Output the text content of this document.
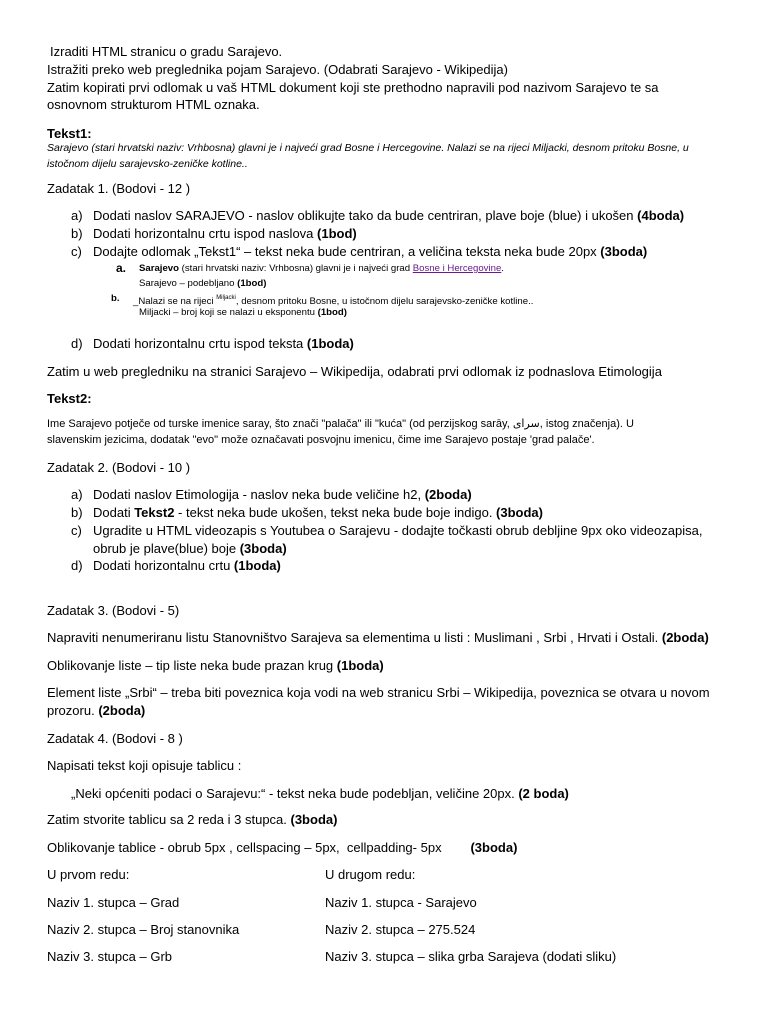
Izraditi HTML stranicu o gradu Sarajevo.

Istražiti preko web preglednika pojam Sarajevo. (Odabrati Sarajevo - Wikipedija)

Zatim kopirati prvi odlomak u vaš HTML dokument koji ste prethodno napravili pod nazivom Sarajevo te sa osnovnom strukturom HTML oznaka.

Tekst1:

Sarajevo (stari hrvatski naziv: Vrhbosna) glavni je i najveći grad Bosne i Hercegovine. Nalazi se na rijeci Miljacki, desnom pritoku Bosne, u istočnom dijelu sarajevsko-zeničke kotline..

Zadatak 1. (Bodovi - 12 )

a) Dodati naslov SARAJEVO - naslov oblikujte tako da bude centriran, plave boje (blue) i ukošen (4boda)
b) Dodati horizontalnu crtu ispod naslova (1bod)
c) Dodajte odlomak „Tekst1“ – tekst neka bude centriran, a veličina teksta neka bude 20px (3boda)
a. Sarajevo (stari hrvatski naziv: Vrhbosna) glavni je i najveći grad Bosne i Hercegovine.
Sarajevo – podebljano (1bod)
b. _Nalazi se na rijeci $^{Miljacki}$, desnom pritoku Bosne, u istočnom dijelu sarajevsko-zeničke kotline..
Miljacki – broj koji se nalazi u eksponentu (1bod)
d) Dodati horizontalnu crtu ispod teksta (1boda)

Zatim u web pregledniku na stranici Sarajevo – Wikipedija, odabrati prvi odlomak iz podnaslova Etimologija

Tekst2:

Ime Sarajevo potječe od turske imenice saray, što znači "palača" ili "kuća" (od perzijskog sarāy, سرای, istog značenja). U

slavenskim jezicima, dodatak "evo" može označavati posvojnu imenicu, čime ime Sarajevo postaje 'grad palače'.

Zadatak 2. (Bodovi - 10 )

a) Dodati naslov Etimologija - naslov neka bude veličine h2, (2boda)
b) Dodati Tekst2 - tekst neka bude ukošen, tekst neka bude boje indigo. (3boda)
c) Ugradite u HTML videozapis s Youtubea o Sarajevu - dodajte točkasti obrub debljine 9px oko videozapisa,
obrub je plave(blue) boje (3boda)
d) Dodati horizontalnu crtu (1boda)

Zadatak 3. (Bodovi - 5)

Napraviti nenumeriranu listu Stanovništvo Sarajeva sa elementima u listi : Muslimani , Srbi , Hrvati i Ostali. (2boda)

Oblikovanje liste – tip liste neka bude prazan krug (1boda)

Element liste „Srbi“ – treba biti poveznica koja vodi na web stranicu Srbi – Wikipedija, poveznica se otvara u novom

prozoru. (2boda)

Zadatak 4. (Bodovi - 8 )

Napisati tekst koji opisuje tablicu :

„Neki općeniti podaci o Sarajevu:“ - tekst neka bude podebljan, veličine 20px. (2 boda)

Zatim stvorite tablicu sa 2 reda i 3 stupca. (3boda)

Oblikovanje tablice - obrub 5px , cellspacing – 5px,  cellpadding- 5px        (3boda)

U prvom redu:	U drugom redu:

Naziv 1. stupca – Grad	Naziv 1. stupca - Sarajevo

Naziv 2. stupca – Broj stanovnika	Naziv 2. stupca – 275.524

Naziv 3. stupca – Grb	Naziv 3. stupca – slika grba Sarajeva (dodati sliku)
